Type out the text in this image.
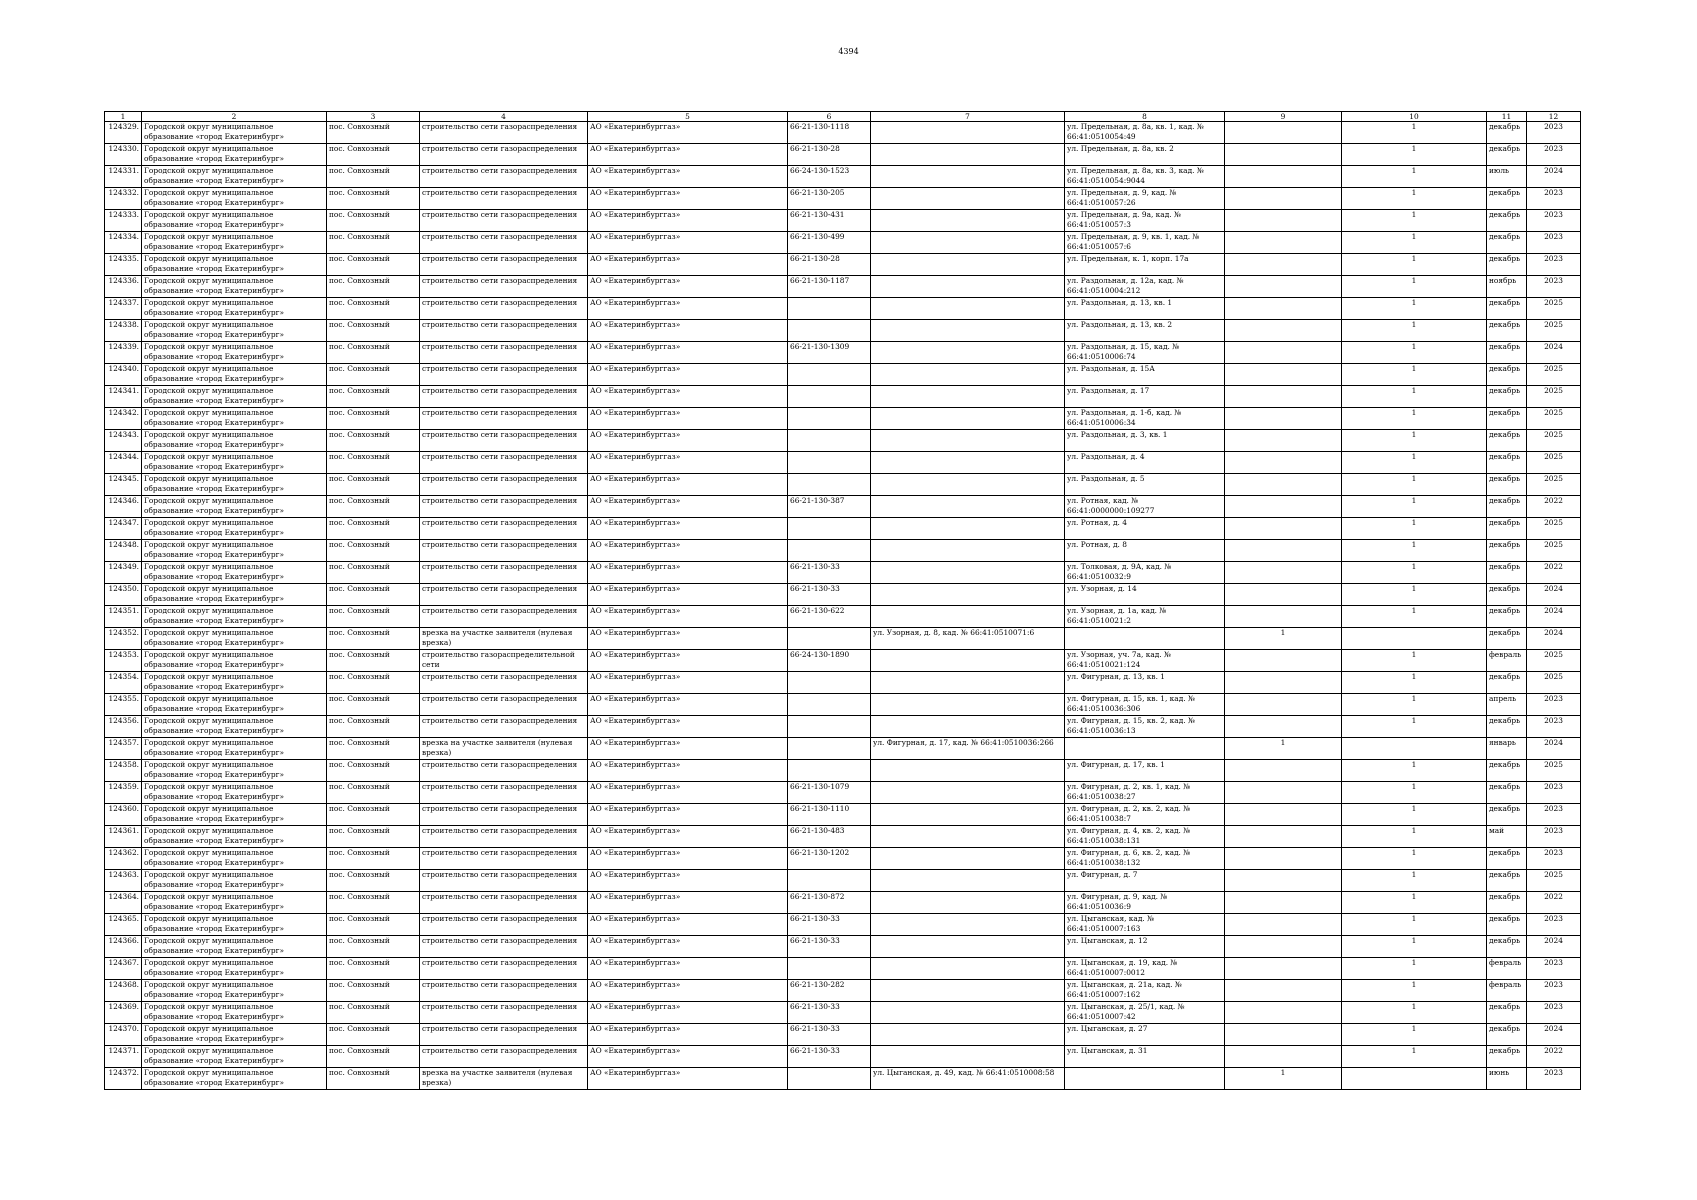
4394
1	2	3	4	5	6	7	8	9	10	11	12
124329.	Городской округ муниципальное образование «город Екатеринбург»	пос. Совхозный	строительство сети газораспределения	АО «Екатеринбурггаз»	66-21-130-1118		ул. Предельная, д. 8а, кв. 1, кад. № 66:41:0510054:49		1	декабрь	2023
124330.	Городской округ муниципальное образование «город Екатеринбург»	пос. Совхозный	строительство сети газораспределения	АО «Екатеринбурггаз»	66-21-130-28		ул. Предельная, д. 8а, кв. 2		1	декабрь	2023
124331.	Городской округ муниципальное образование «город Екатеринбург»	пос. Совхозный	строительство сети газораспределения	АО «Екатеринбурггаз»	66-24-130-1523		ул. Предельная, д. 8а, кв. 3, кад. № 66:41:0510054:9044		1	июль	2024
124332.	Городской округ муниципальное образование «город Екатеринбург»	пос. Совхозный	строительство сети газораспределения	АО «Екатеринбурггаз»	66-21-130-205		ул. Предельная, д. 9, кад. № 66:41:0510057:26		1	декабрь	2023
124333.	Городской округ муниципальное образование «город Екатеринбург»	пос. Совхозный	строительство сети газораспределения	АО «Екатеринбурггаз»	66-21-130-431		ул. Предельная, д. 9а, кад. № 66:41:0510057:3		1	декабрь	2023
124334.	Городской округ муниципальное образование «город Екатеринбург»	пос. Совхозный	строительство сети газораспределения	АО «Екатеринбурггаз»	66-21-130-499		ул. Предельная, д. 9, кв. 1, кад. № 66:41:0510057:6		1	декабрь	2023
124335.	Городской округ муниципальное образование «город Екатеринбург»	пос. Совхозный	строительство сети газораспределения	АО «Екатеринбурггаз»	66-21-130-28		ул. Предельная, к. 1, корп. 17а		1	декабрь	2023
124336.	Городской округ муниципальное образование «город Екатеринбург»	пос. Совхозный	строительство сети газораспределения	АО «Екатеринбурггаз»	66-21-130-1187		ул. Раздольная, д. 12а, кад. № 66:41:0510004:212		1	ноябрь	2023
124337.	Городской округ муниципальное образование «город Екатеринбург»	пос. Совхозный	строительство сети газораспределения	АО «Екатеринбурггаз»			ул. Раздольная, д. 13, кв. 1		1	декабрь	2025
124338.	Городской округ муниципальное образование «город Екатеринбург»	пос. Совхозный	строительство сети газораспределения	АО «Екатеринбурггаз»			ул. Раздольная, д. 13, кв. 2		1	декабрь	2025
124339.	Городской округ муниципальное образование «город Екатеринбург»	пос. Совхозный	строительство сети газораспределения	АО «Екатеринбурггаз»	66-21-130-1309		ул. Раздольная, д. 15, кад. № 66:41:0510006:74		1	декабрь	2024
124340.	Городской округ муниципальное образование «город Екатеринбург»	пос. Совхозный	строительство сети газораспределения	АО «Екатеринбурггаз»			ул. Раздольная, д. 15А		1	декабрь	2025
124341.	Городской округ муниципальное образование «город Екатеринбург»	пос. Совхозный	строительство сети газораспределения	АО «Екатеринбурггаз»			ул. Раздольная, д. 17		1	декабрь	2025
124342.	Городской округ муниципальное образование «город Екатеринбург»	пос. Совхозный	строительство сети газораспределения	АО «Екатеринбурггаз»			ул. Раздольная, д. 1-б, кад. № 66:41:0510006:34		1	декабрь	2025
124343.	Городской округ муниципальное образование «город Екатеринбург»	пос. Совхозный	строительство сети газораспределения	АО «Екатеринбурггаз»			ул. Раздольная, д. 3, кв. 1		1	декабрь	2025
124344.	Городской округ муниципальное образование «город Екатеринбург»	пос. Совхозный	строительство сети газораспределения	АО «Екатеринбурггаз»			ул. Раздольная, д. 4		1	декабрь	2025
124345.	Городской округ муниципальное образование «город Екатеринбург»	пос. Совхозный	строительство сети газораспределения	АО «Екатеринбурггаз»			ул. Раздольная, д. 5		1	декабрь	2025
124346.	Городской округ муниципальное образование «город Екатеринбург»	пос. Совхозный	строительство сети газораспределения	АО «Екатеринбурггаз»	66-21-130-387		ул. Ротная, кад. № 66:41:0000000:109277		1	декабрь	2022
124347.	Городской округ муниципальное образование «город Екатеринбург»	пос. Совхозный	строительство сети газораспределения	АО «Екатеринбурггаз»			ул. Ротная, д. 4		1	декабрь	2025
124348.	Городской округ муниципальное образование «город Екатеринбург»	пос. Совхозный	строительство сети газораспределения	АО «Екатеринбурггаз»			ул. Ротная, д. 8		1	декабрь	2025
124349.	Городской округ муниципальное образование «город Екатеринбург»	пос. Совхозный	строительство сети газораспределения	АО «Екатеринбурггаз»	66-21-130-33		ул. Толковая, д. 9А, кад. № 66:41:0510032:9		1	декабрь	2022
124350.	Городской округ муниципальное образование «город Екатеринбург»	пос. Совхозный	строительство сети газораспределения	АО «Екатеринбурггаз»	66-21-130-33		ул. Узорная, д. 14		1	декабрь	2024
124351.	Городской округ муниципальное образование «город Екатеринбург»	пос. Совхозный	строительство сети газораспределения	АО «Екатеринбурггаз»	66-21-130-622		ул. Узорная, д. 1а, кад. № 66:41:0510021:2		1	декабрь	2024
124352.	Городской округ муниципальное образование «город Екатеринбург»	пос. Совхозный	врезка на участке заявителя (нулевая врезка)	АО «Екатеринбурггаз»		ул. Узорная, д. 8, кад. № 66:41:0510071:6		1		декабрь	2024
124353.	Городской округ муниципальное образование «город Екатеринбург»	пос. Совхозный	строительство газораспределительной сети	АО «Екатеринбурггаз»	66-24-130-1890		ул. Узорная, уч. 7а, кад. № 66:41:0510021:124		1	февраль	2025
124354.	Городской округ муниципальное образование «город Екатеринбург»	пос. Совхозный	строительство сети газораспределения	АО «Екатеринбурггаз»			ул. Фигурная, д. 13, кв. 1		1	декабрь	2025
124355.	Городской округ муниципальное образование «город Екатеринбург»	пос. Совхозный	строительство сети газораспределения	АО «Екатеринбурггаз»			ул. Фигурная, д. 15, кв. 1, кад. № 66:41:0510036:306		1	апрель	2023
124356.	Городской округ муниципальное образование «город Екатеринбург»	пос. Совхозный	строительство сети газораспределения	АО «Екатеринбурггаз»			ул. Фигурная, д. 15, кв. 2, кад. № 66:41:0510036:13		1	декабрь	2023
124357.	Городской округ муниципальное образование «город Екатеринбург»	пос. Совхозный	врезка на участке заявителя (нулевая врезка)	АО «Екатеринбурггаз»		ул. Фигурная, д. 17, кад. № 66:41:0510036:266		1		январь	2024
124358.	Городской округ муниципальное образование «город Екатеринбург»	пос. Совхозный	строительство сети газораспределения	АО «Екатеринбурггаз»			ул. Фигурная, д. 17, кв. 1		1	декабрь	2025
124359.	Городской округ муниципальное образование «город Екатеринбург»	пос. Совхозный	строительство сети газораспределения	АО «Екатеринбурггаз»	66-21-130-1079		ул. Фигурная, д. 2, кв. 1, кад. № 66:41:0510038:27		1	декабрь	2023
124360.	Городской округ муниципальное образование «город Екатеринбург»	пос. Совхозный	строительство сети газораспределения	АО «Екатеринбурггаз»	66-21-130-1110		ул. Фигурная, д. 2, кв. 2, кад. № 66:41:0510038:7		1	декабрь	2023
124361.	Городской округ муниципальное образование «город Екатеринбург»	пос. Совхозный	строительство сети газораспределения	АО «Екатеринбурггаз»	66-21-130-483		ул. Фигурная, д. 4, кв. 2, кад. № 66:41:0510038:131		1	май	2023
124362.	Городской округ муниципальное образование «город Екатеринбург»	пос. Совхозный	строительство сети газораспределения	АО «Екатеринбурггаз»	66-21-130-1202		ул. Фигурная, д. 6, кв. 2, кад. № 66:41:0510038:132		1	декабрь	2023
124363.	Городской округ муниципальное образование «город Екатеринбург»	пос. Совхозный	строительство сети газораспределения	АО «Екатеринбурггаз»			ул. Фигурная, д. 7		1	декабрь	2025
124364.	Городской округ муниципальное образование «город Екатеринбург»	пос. Совхозный	строительство сети газораспределения	АО «Екатеринбурггаз»	66-21-130-872		ул. Фигурная, д. 9, кад. № 66:41:0510036:9		1	декабрь	2022
124365.	Городской округ муниципальное образование «город Екатеринбург»	пос. Совхозный	строительство сети газораспределения	АО «Екатеринбурггаз»	66-21-130-33		ул. Цыганская, кад. № 66:41:0510007:163		1	декабрь	2023
124366.	Городской округ муниципальное образование «город Екатеринбург»	пос. Совхозный	строительство сети газораспределения	АО «Екатеринбурггаз»	66-21-130-33		ул. Цыганская, д. 12		1	декабрь	2024
124367.	Городской округ муниципальное образование «город Екатеринбург»	пос. Совхозный	строительство сети газораспределения	АО «Екатеринбурггаз»			ул. Цыганская, д. 19, кад. № 66:41:0510007:0012		1	февраль	2023
124368.	Городской округ муниципальное образование «город Екатеринбург»	пос. Совхозный	строительство сети газораспределения	АО «Екатеринбурггаз»	66-21-130-282		ул. Цыганская, д. 21а, кад. № 66:41:0510007:162		1	февраль	2023
124369.	Городской округ муниципальное образование «город Екатеринбург»	пос. Совхозный	строительство сети газораспределения	АО «Екатеринбурггаз»	66-21-130-33		ул. Цыганская, д. 25/1, кад. № 66:41:0510007:42		1	декабрь	2023
124370.	Городской округ муниципальное образование «город Екатеринбург»	пос. Совхозный	строительство сети газораспределения	АО «Екатеринбурггаз»	66-21-130-33		ул. Цыганская, д. 27		1	декабрь	2024
124371.	Городской округ муниципальное образование «город Екатеринбург»	пос. Совхозный	строительство сети газораспределения	АО «Екатеринбурггаз»	66-21-130-33		ул. Цыганская, д. 31		1	декабрь	2022
124372.	Городской округ муниципальное образование «город Екатеринбург»	пос. Совхозный	врезка на участке заявителя (нулевая врезка)	АО «Екатеринбурггаз»		ул. Цыганская, д. 49, кад. № 66:41:0510008:58		1		июнь	2023
